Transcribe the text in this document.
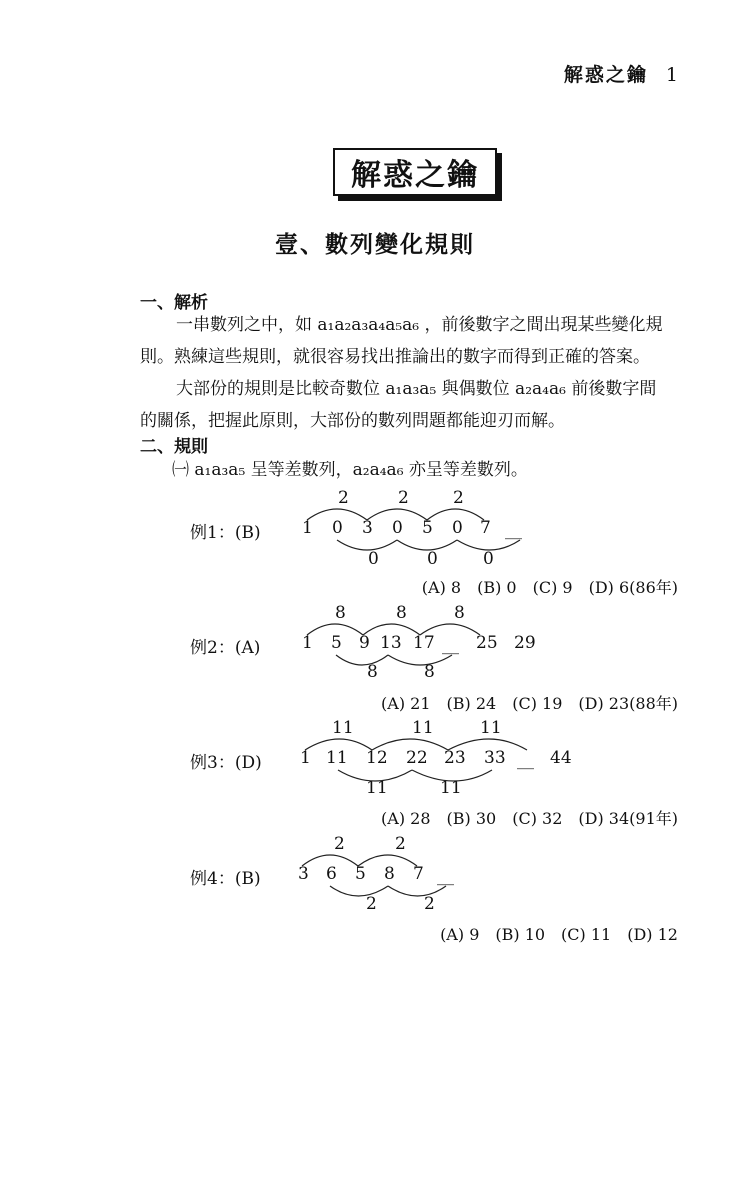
解惑之鑰 1
解惑之鑰
壹、數列變化規則
一、解析
一串數列之中，如 a₁a₂a₃a₄a₅a₆ ，前後數字之間出現某些變化規
則。熟練這些規則，就很容易找出推論出的數字而得到正確的答案。
大部份的規則是比較奇數位 a₁a₃a₅ 與偶數位 a₂a₄a₆ 前後數字間
的關係，把握此原則，大部份的數列問題都能迎刃而解。
二、規則
㈠ a₁a₃a₅ 呈等差數列，a₂a₄a₆ 亦呈等差數列。
例1：(B) 1 0 3 0 5 0 7 __
2	2	2
0	0	0
(A) 8　(B) 0　(C) 9　(D) 6(86年)
例2：(A) 1 5 9 13 17 __ 25 29
8	8	8
8	8
(A) 21　(B) 24　(C) 19　(D) 23(88年)
例3：(D) 1 11 12 22 23 33 __ 44
11	11	11
11	11
(A) 28　(B) 30　(C) 32　(D) 34(91年)
例4：(B) 3 6 5 8 7 __
2	2
2	2
(A) 9　(B) 10　(C) 11　(D) 12
